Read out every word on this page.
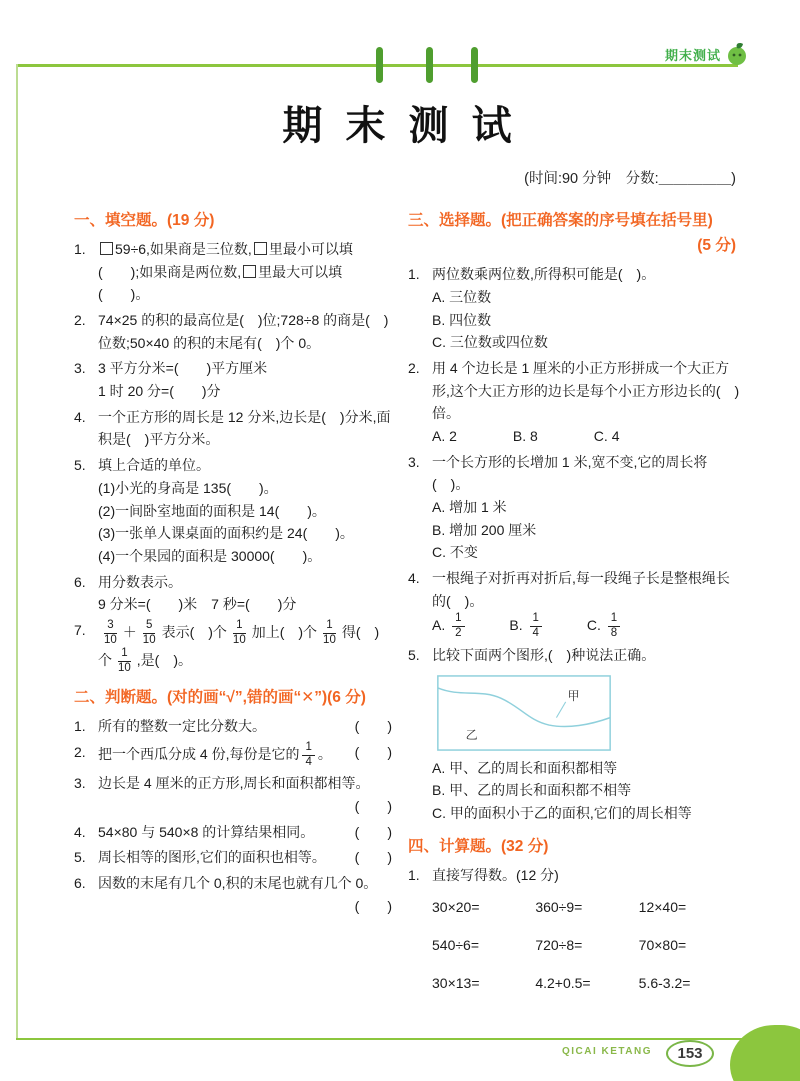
期末测试
期 末 测 试
(时间:90 分钟　分数:＿＿＿＿＿)
一、填空题。(19 分)
1.	59÷6,如果商是三位数, 里最小可以填(　　);如果商是两位数, 里最大可以填(　　)。
2. 74×25 的积的最高位是(　)位;728÷8 的商是(　)位数;50×40 的积的末尾有(　)个 0。
3. 3 平方分米=(　　)平方厘米
1 时 20 分=(　　)分
4. 一个正方形的周长是 12 分米,边长是(　)分米,面积是(　)平方分米。
5. 填上合适的单位。
(1)小光的身高是 135(　　)。
(2)一间卧室地面的面积是 14(　　)。
(3)一张单人课桌面的面积约是 24(　　)。
(4)一个果园的面积是 30000(　　)。
6. 用分数表示。
9 分米=(　　)米　7 秒=(　　)分
7.	$\frac{3}{10} + \frac{5}{10}$ 表示(　)个 $\frac{1}{10}$ 加上(　)个 $\frac{1}{10}$ 得(　)个 $\frac{1}{10}$ ,是(　)。
二、判断题。(对的画“√”,错的画“✕”)(6 分)
1. 所有的整数一定比分数大。	(　　)
2. 把一个西瓜分成 4 份,每份是它的 $\frac{1}{4}$ 。 (　　)
3. 边长是 4 厘米的正方形,周长和面积都相等。
(　　)
4. 54×80 与 540×8 的计算结果相同。	(　　)
5. 周长相等的图形,它们的面积也相等。 (　　)
6. 因数的末尾有几个 0,积的末尾也就有几个 0。
(　　)
三、选择题。(把正确答案的序号填在括号里)
(5 分)
1. 两位数乘两位数,所得积可能是(　)。
A. 三位数
B. 四位数
C. 三位数或四位数
2. 用 4 个边长是 1 厘米的小正方形拼成一个大正方形,这个大正方形的边长是每个小正方形边长的(　)倍。
A. 2　　　　B. 8　　　　C. 4
3. 一个长方形的长增加 1 米,宽不变,它的周长将(　)。
A. 增加 1 米
B. 增加 200 厘米
C. 不变
4. 一根绳子对折再对折后,每一段绳子长是整根绳长的(　)。
A. $\frac{1}{2}$	B. $\frac{1}{4}$	C. $\frac{1}{8}$
5. 比较下面两个图形,(　)种说法正确。
甲
乙
A. 甲、乙的周长和面积都相等
B. 甲、乙的周长和面积都不相等
C. 甲的面积小于乙的面积,它们的周长相等
四、计算题。(32 分)
1. 直接写得数。(12 分)
30×20=	360÷9=	12×40=
540÷6=	720÷8=	70×80=
30×13=	4.2+0.5=	5.6-3.2=
QICAI KETANG 153
